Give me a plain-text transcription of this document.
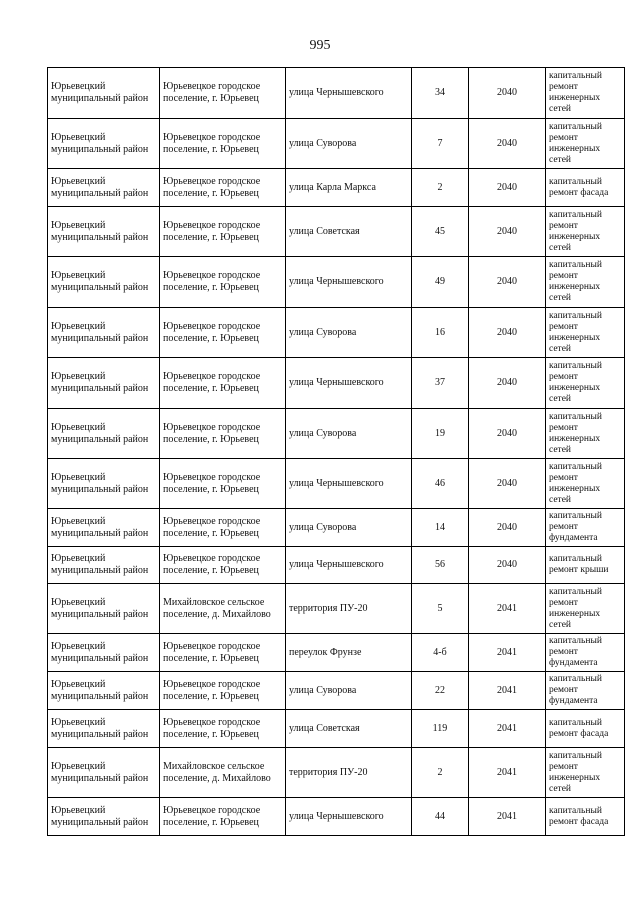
995
Юрьевецкий муниципальный район	Юрьевецкое городское поселение, г. Юрьевец	улица Чернышевского	34	2040	капитальный ремонт инженерных сетей
Юрьевецкий муниципальный район	Юрьевецкое городское поселение, г. Юрьевец	улица Суворова	7	2040	капитальный ремонт инженерных сетей
Юрьевецкий муниципальный район	Юрьевецкое городское поселение, г. Юрьевец	улица Карла Маркса	2	2040	капитальный ремонт фасада
Юрьевецкий муниципальный район	Юрьевецкое городское поселение, г. Юрьевец	улица Советская	45	2040	капитальный ремонт инженерных сетей
Юрьевецкий муниципальный район	Юрьевецкое городское поселение, г. Юрьевец	улица Чернышевского	49	2040	капитальный ремонт инженерных сетей
Юрьевецкий муниципальный район	Юрьевецкое городское поселение, г. Юрьевец	улица Суворова	16	2040	капитальный ремонт инженерных сетей
Юрьевецкий муниципальный район	Юрьевецкое городское поселение, г. Юрьевец	улица Чернышевского	37	2040	капитальный ремонт инженерных сетей
Юрьевецкий муниципальный район	Юрьевецкое городское поселение, г. Юрьевец	улица Суворова	19	2040	капитальный ремонт инженерных сетей
Юрьевецкий муниципальный район	Юрьевецкое городское поселение, г. Юрьевец	улица Чернышевского	46	2040	капитальный ремонт инженерных сетей
Юрьевецкий муниципальный район	Юрьевецкое городское поселение, г. Юрьевец	улица Суворова	14	2040	капитальный ремонт фундамента
Юрьевецкий муниципальный район	Юрьевецкое городское поселение, г. Юрьевец	улица Чернышевского	56	2040	капитальный ремонт крыши
Юрьевецкий муниципальный район	Михайловское сельское поселение, д. Михайлово	территория ПУ-20	5	2041	капитальный ремонт инженерных сетей
Юрьевецкий муниципальный район	Юрьевецкое городское поселение, г. Юрьевец	переулок Фрунзе	4-б	2041	капитальный ремонт фундамента
Юрьевецкий муниципальный район	Юрьевецкое городское поселение, г. Юрьевец	улица Суворова	22	2041	капитальный ремонт фундамента
Юрьевецкий муниципальный район	Юрьевецкое городское поселение, г. Юрьевец	улица Советская	119	2041	капитальный ремонт фасада
Юрьевецкий муниципальный район	Михайловское сельское поселение, д. Михайлово	территория ПУ-20	2	2041	капитальный ремонт инженерных сетей
Юрьевецкий муниципальный район	Юрьевецкое городское поселение, г. Юрьевец	улица Чернышевского	44	2041	капитальный ремонт фасада
